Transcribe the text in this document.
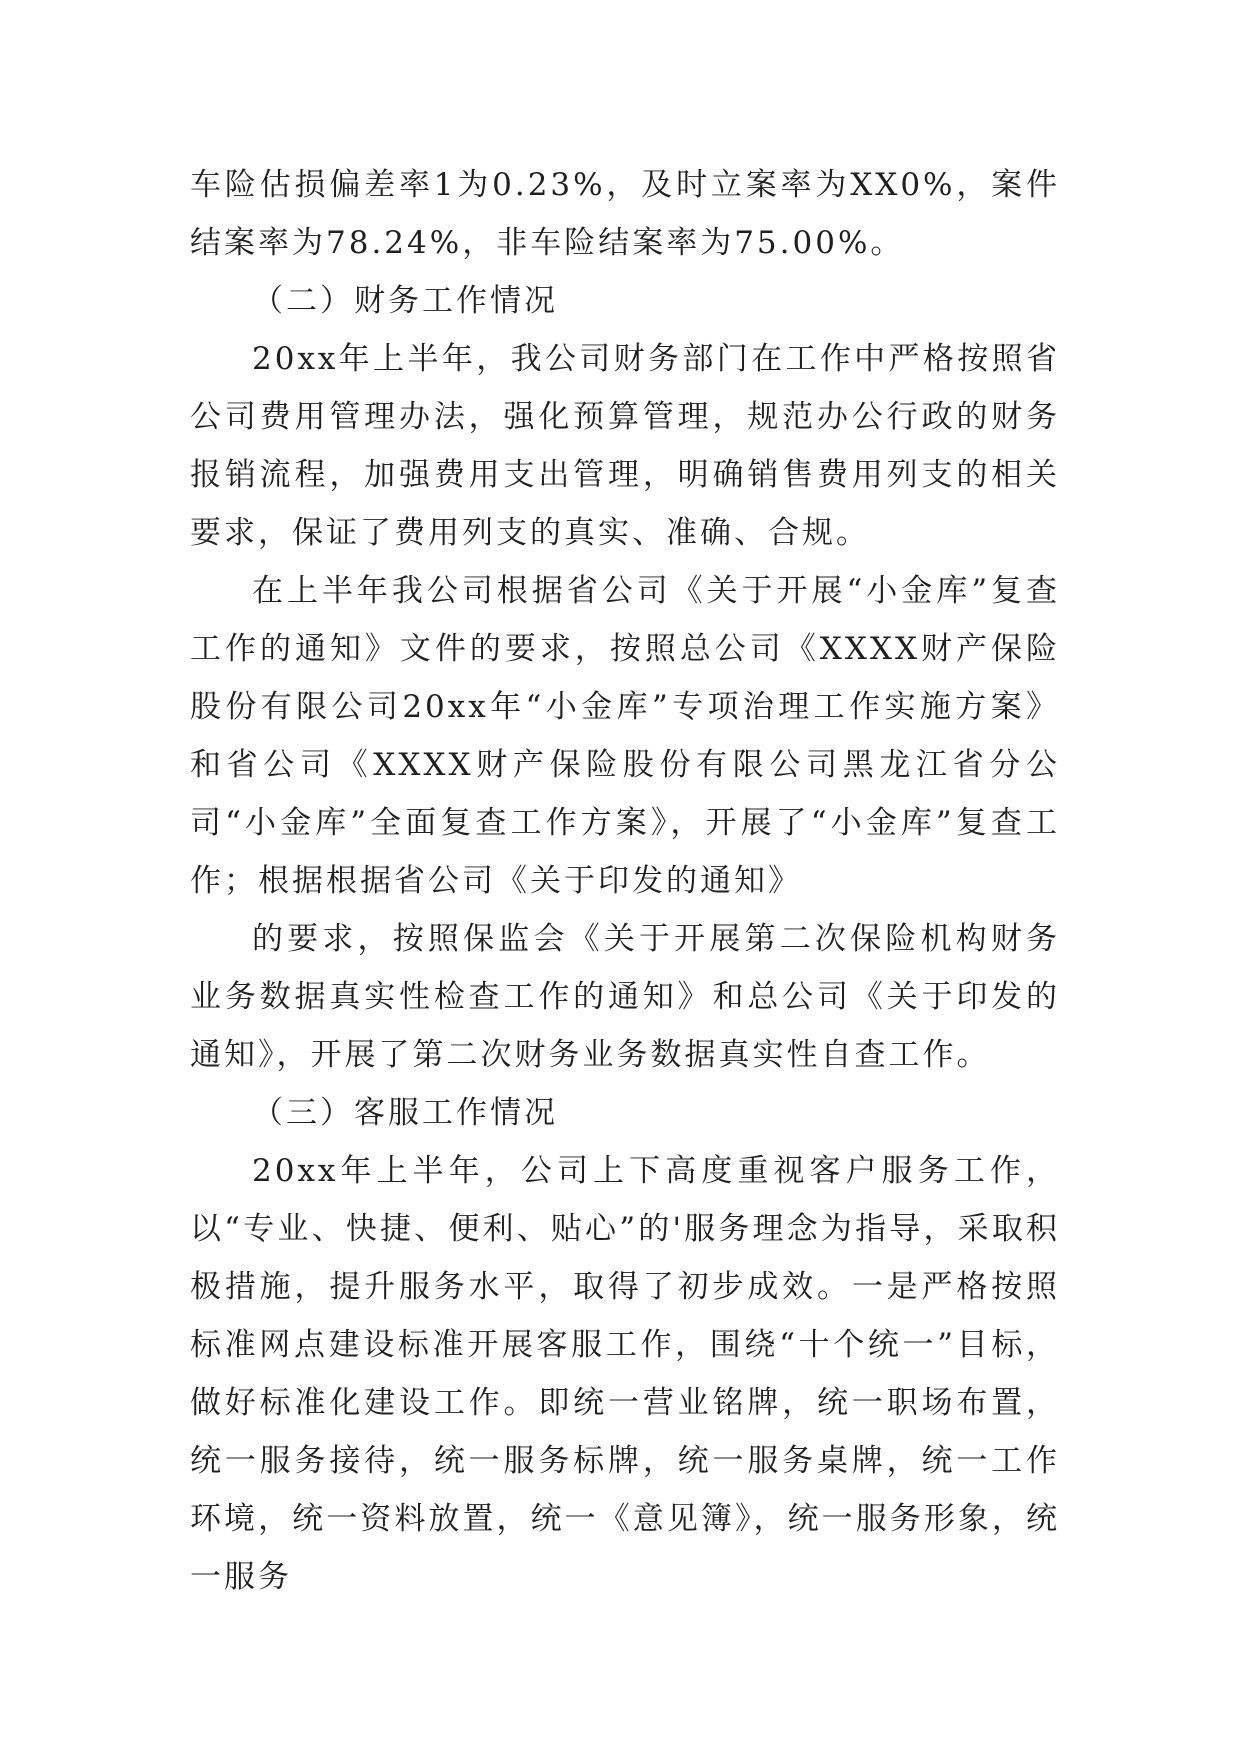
车险估损偏差率1为0.23%，及时立案率为XX0%，案件结案率为78.24%，非车险结案率为75.00%。

（二）财务工作情况

20xx年上半年，我公司财务部门在工作中严格按照省公司费用管理办法，强化预算管理，规范办公行政的财务报销流程，加强费用支出管理，明确销售费用列支的相关要求，保证了费用列支的真实、准确、合规。

在上半年我公司根据省公司《关于开展“小金库”复查工作的通知》文件的要求，按照总公司《XXXX财产保险股份有限公司20xx年“小金库”专项治理工作实施方案》和省公司《XXXX财产保险股份有限公司黑龙江省分公司“小金库”全面复查工作方案》，开展了“小金库”复查工作；根据根据省公司《关于印发的通知》

的要求，按照保监会《关于开展第二次保险机构财务业务数据真实性检查工作的通知》和总公司《关于印发的通知》，开展了第二次财务业务数据真实性自查工作。

（三）客服工作情况

20xx年上半年，公司上下高度重视客户服务工作，以“专业、快捷、便利、贴心”的'服务理念为指导，采取积极措施，提升服务水平，取得了初步成效。一是严格按照标准网点建设标准开展客服工作，围绕“十个统一”目标，做好标准化建设工作。即统一营业铭牌，统一职场布置，统一服务接待，统一服务标牌，统一服务桌牌，统一工作环境，统一资料放置，统一《意见簿》，统一服务形象，统一服务
